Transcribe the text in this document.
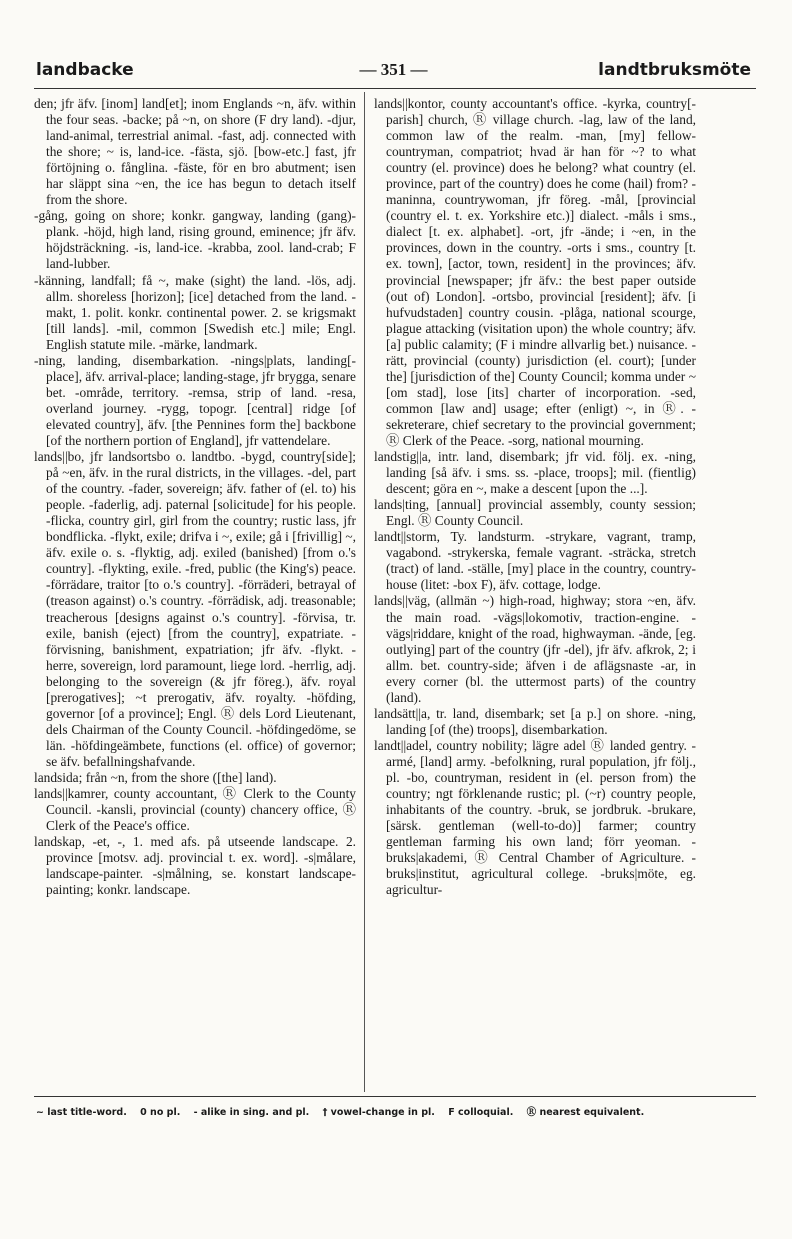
landbacke	— 351 —	landtbruksmöte

den; jfr äfv. [inom] land[et]; inom Englands ~n, äfv. within the four seas. -backe; på ~n, on shore (F dry land). -djur, land-animal, terrestrial animal. -fast, adj. connected with the shore; ~ is, land-ice. -fästa, sjö. [bow-etc.] fast, jfr förtöjning o. fånglina. -fäste, för en bro abutment; isen har släppt sina ~en, the ice has begun to detach itself from the shore.

-gång, going on shore; konkr. gangway, landing (gang)-plank. -höjd, high land, rising ground, eminence; jfr äfv. höjdsträckning. -is, land-ice. -krabba, zool. land-crab; F land-lubber.

-känning, landfall; få ~, make (sight) the land. -lös, adj. allm. shoreless [horizon]; [ice] detached from the land. -makt, 1. polit. konkr. continental power. 2. se krigsmakt [till lands]. -mil, common [Swedish etc.] mile; Engl. English statute mile. -märke, landmark.

-ning, landing, disembarkation. -nings|plats, landing[-place], äfv. arrival-place; landing-stage, jfr brygga, senare bet. -område, territory. -remsa, strip of land. -resa, overland journey. -rygg, topogr. [central] ridge [of elevated country], äfv. [the Pennines form the] backbone [of the northern portion of England], jfr vattendelare.

lands||bo, jfr landsortsbo o. landtbo. -bygd, country[side]; på ~en, äfv. in the rural districts, in the villages. -del, part of the country. -fader, sovereign; äfv. father of (el. to) his people. -faderlig, adj. paternal [solicitude] for his people. -flicka, country girl, girl from the country; rustic lass, jfr bondflicka. -flykt, exile; drifva i ~, exile; gå i [frivillig] ~, äfv. exile o. s. -flyktig, adj. exiled (banished) [from o.'s country]. -flykting, exile. -fred, public (the King's) peace. -förrädare, traitor [to o.'s country]. -förräderi, betrayal of (treason against) o.'s country. -förrädisk, adj. treasonable; treacherous [designs against o.'s country]. -förvisa, tr. exile, banish (eject) [from the country], expatriate. -förvisning, banishment, expatriation; jfr äfv. -flykt. -herre, sovereign, lord paramount, liege lord. -herrlig, adj. belonging to the sovereign (& jfr föreg.), äfv. royal [prerogatives]; ~t prerogativ, äfv. royalty. -höfding, governor [of a province]; Engl. Ⓡ dels Lord Lieutenant, dels Chairman of the County Council. -höfdingedöme, se län. -höfdingeämbete, functions (el. office) of governor; se äfv. befallningshafvande.

landsida; från ~n, from the shore ([the] land).

lands||kamrer, county accountant, Ⓡ Clerk to the County Council. -kansli, provincial (county) chancery office, Ⓡ Clerk of the Peace's office.

landskap, -et, -, 1. med afs. på utseende landscape. 2. province [motsv. adj. provincial t. ex. word]. -s|målare, landscape-painter. -s|målning, se. konstart landscape-painting; konkr. landscape.

lands||kontor, county accountant's office. -kyrka, country[-parish] church, Ⓡ village church. -lag, law of the land, common law of the realm. -man, [my] fellow-countryman, compatriot; hvad är han för ~? to what country (el. province) does he belong? what country (el. province, part of the country) does he come (hail) from? -maninna, countrywoman, jfr föreg. -mål, [provincial (country el. t. ex. Yorkshire etc.)] dialect. -måls i sms., dialect [t. ex. alphabet]. -ort, jfr -ände; i ~en, in the provinces, down in the country. -orts i sms., country [t. ex. town], [actor, town, resident] in the provinces; äfv. provincial [newspaper; jfr äfv.: the best paper outside (out of) London]. -ortsbo, provincial [resident]; äfv. [i hufvudstaden] country cousin. -plåga, national scourge, plague attacking (visitation upon) the whole country; äfv. [a] public calamity; (F i mindre allvarlig bet.) nuisance. -rätt, provincial (county) jurisdiction (el. court); [under the] [jurisdiction of the] County Council; komma under ~ [om stad], lose [its] charter of incorporation. -sed, common [law and] usage; efter (enligt) ~, in Ⓡ. -sekreterare, chief secretary to the provincial government; Ⓡ Clerk of the Peace. -sorg, national mourning.

landstig||a, intr. land, disembark; jfr vid. följ. ex. -ning, landing [så äfv. i sms. ss. -place, troops]; mil. (fientlig) descent; göra en ~, make a descent [upon the ...].

lands|ting, [annual] provincial assembly, county session; Engl. Ⓡ County Council.

landt||storm, Ty. landsturm. -strykare, vagrant, tramp, vagabond. -strykerska, female vagrant. -sträcka, stretch (tract) of land. -ställe, [my] place in the country, country-house (litet: -box F), äfv. cottage, lodge.

lands||väg, (allmän ~) high-road, highway; stora ~en, äfv. the main road. -vägs|lokomotiv, traction-engine. -vägs|riddare, knight of the road, highwayman. -ände, [eg. outlying] part of the country (jfr -del), jfr äfv. afkrok, 2; i allm. bet. country-side; äfven i de aflägsnaste -ar, in every corner (bl. the uttermost parts) of the country (land).

landsätt||a, tr. land, disembark; set [a p.] on shore. -ning, landing [of (the) troops], disembarkation.

landt||adel, country nobility; lägre adel Ⓡ landed gentry. -armé, [land] army. -befolkning, rural population, jfr följ., pl. -bo, countryman, resident in (el. person from) the country; ngt förklenande rustic; pl. (~r) country people, inhabitants of the country. -bruk, se jordbruk. -brukare, [särsk. gentleman (well-to-do)] farmer; country gentleman farming his own land; förr yeoman. -bruks|akademi, Ⓡ Central Chamber of Agriculture. -bruks|institut, agricultural college. -bruks|möte, eg. agricultur-

~ last title-word. 0 no pl. - alike in sing. and pl. † vowel-change in pl. F colloquial. Ⓡ nearest equivalent.
